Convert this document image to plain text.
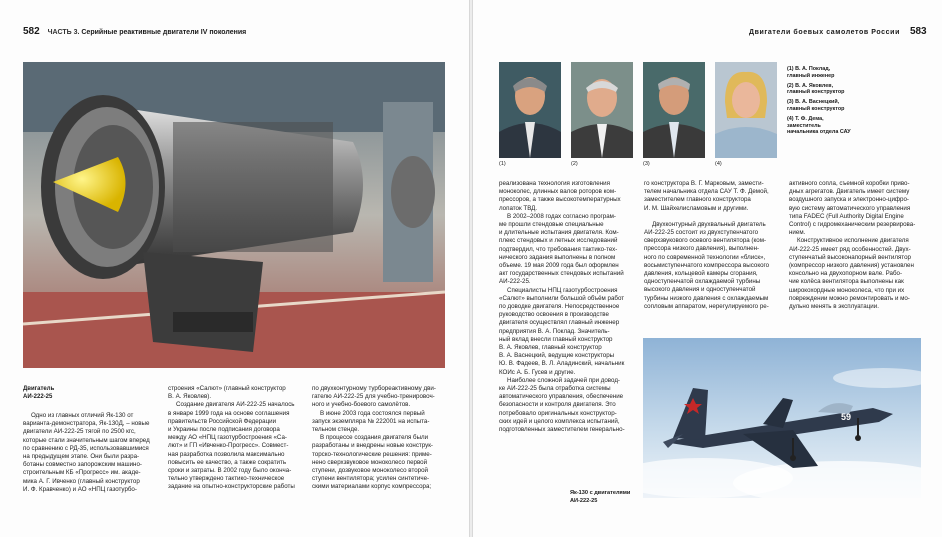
582 ЧАСТЬ 3. Серийные реактивные двигатели IV поколения
Двигатель
АИ-222-25

Одно из главных отличий Як-130 от

варианта-демонстратора, Як-130Д, – новые

двигатели АИ-222-25 тягой по 2500 кгс,

которые стали значительным шагом вперед

по сравнению с РД-35, использовавшимися

на предыдущем этапе. Они были разра-

ботаны совместно запорожским машино-

строительным КБ «Прогресс» им. акаде-

мика А. Г. Ивченко (главный конструктор

И. Ф. Кравченко) и АО «НПЦ газотурбо-

строения «Салют» (главный конструктор

В. А. Яковлев).

Создание двигателя АИ-222-25 началось

в январе 1999 года на основе соглашения

правительств Российской Федерации

и Украины после подписания договора

между АО «НПЦ газотурбостроения «Са-

лют» и ГП «Ивченко-Прогресс». Совмест-

ная разработка позволила максимально

повысить ее качество, а также сократить

сроки и затраты. В 2002 году было оконча-

тельно утверждено тактико-техническое

задание на опытно-конструкторские работы

по двухконтурному турбореактивному дви-

гателю АИ-222-25 для учебно-тренировоч-

ного и учебно-боевого самолётов.

В июне 2003 года состоялся первый

запуск экземпляра № 222001 на испыта-

тельном стенде.

В процессе создания двигателя были

разработаны и внедрены новые конструк-

торско-технологические решения: приме-

нено сверхзвуковое моноколесо первой

ступени, дозвуковое моноколесо второй

ступени вентилятора; усилен синтетиче-

скими материалами корпус компрессора;

Двигатели боевых самолетов России 583
(1)	(2)	(3)	(4)
(1) В. А. Поклад, главный инженер
(2) В. А. Яковлев, главный конструктор
(3) В. А. Васнецкий, главный конструктор
(4) Т. Ф. Дема, заместитель начальника отдела САУ

реализована технология изготовления

моноколес, длинных валов роторов ком-

прессоров, а также высокотемпературных

лопаток ТВД.

В 2002–2008 годах согласно програм-

ме прошли стендовые специальные

и длительные испытания двигателя. Ком-

плекс стендовых и летных исследований

подтвердил, что требования тактико-тех-

нического задания выполнены в полном

объеме. 19 мая 2009 года был оформлен

акт государственных стендовых испытаний

АИ-222-25.

Специалисты НПЦ газотурбостроения

«Салют» выполнили большой объём работ

по доводке двигателя. Непосредственное

руководство освоения в производстве

двигателя осуществлял главный инженер

предприятия В. А. Поклад. Значитель-

ный вклад внесли главный конструктор

В. А. Яковлев, главный конструктор

В. А. Васнецкий, ведущие конструкторы

Ю. В. Фадеев, В. Л. Аладинский, начальник

КОИс А. Б. Гусев и другие.

Наиболее сложной задачей при довод-

ке АИ-222-25 была отработка системы

автоматического управления, обеспечение

безопасности и контроля двигателя. Это

потребовало оригинальных конструктор-

ских идей и целого комплекса испытаний,

подготовленных заместителем генерально-

го конструктора В. Г. Марковым, замести-

телем начальника отдела САУ Т. Ф. Демой,

заместителем главного конструктора

И. М. Шайхелисламовым и другими.

Двухконтурный двухвальный двигатель

АИ-222-25 состоит из двухступенчатого

сверхзвукового осевого вентилятора (ком-

прессора низкого давления), выполнен-

ного по современной технологии «блиск»,

восьмиступенчатого компрессора высокого

давления, кольцевой камеры сгорания,

одноступенчатой охлаждаемой турбины

высокого давления и одноступенчатой

турбины низкого давления с охлаждаемым

сопловым аппаратом, нерегулируемого ре-

активного сопла, съемной коробки приво-

дных агрегатов. Двигатель имеет систему

воздушного запуска и электронно-цифро-

вую систему автоматического управления

типа FADEC (Full Authority Digital Engine

Control) с гидромеханическим резервирова-

нием.

Конструктивное исполнение двигателя

АИ-222-25 имеет ряд особенностей. Двух-

ступенчатый высоконапорный вентилятор

(компрессор низкого давления) установлен

консольно на двухопорном вале. Рабо-

чие колёса вентилятора выполнены как

широкохордные моноколеса, что при их

повреждении можно ремонтировать и мо-

дульно менять в эксплуатации.

59
Як-130 с двигателями
АИ-222-25
